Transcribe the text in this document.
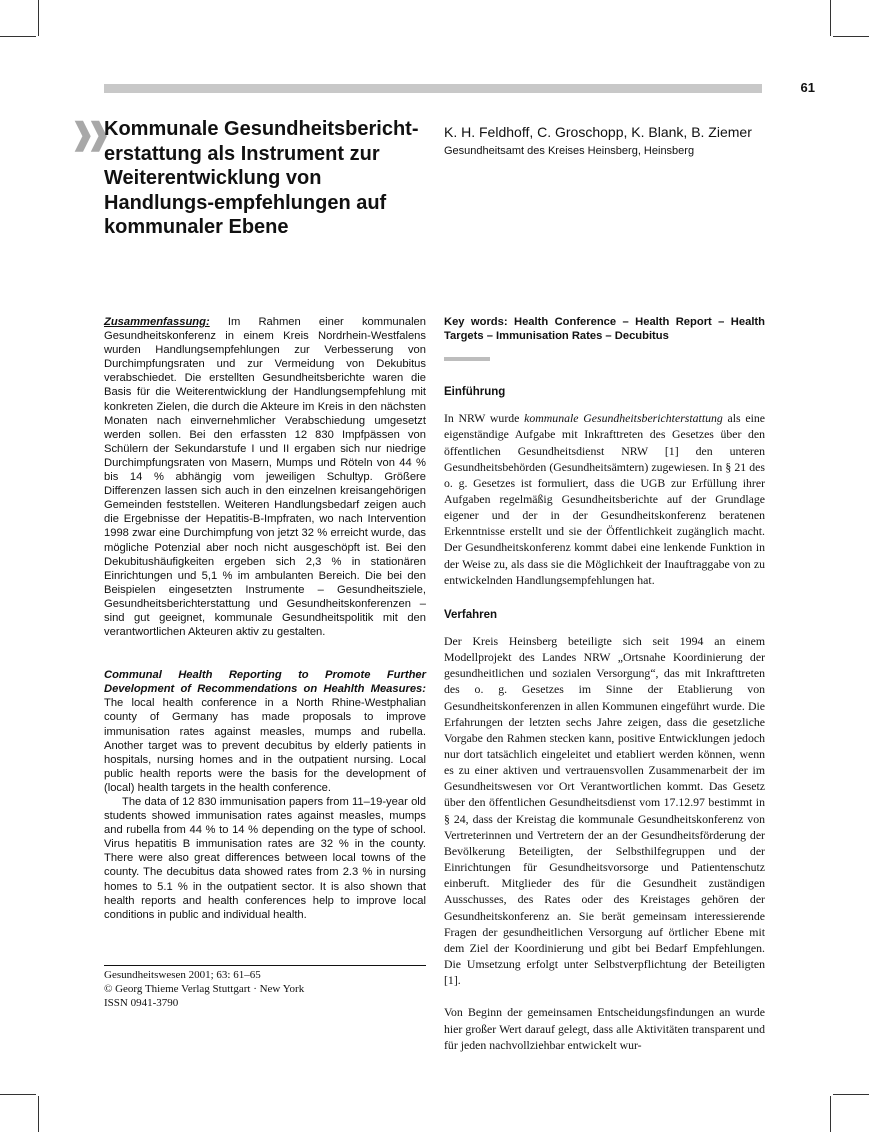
61
❱❱ Kommunale Gesundheitsbericht-erstattung als Instrument zur Weiterentwicklung von Handlungs-empfehlungen auf kommunaler Ebene
K. H. Feldhoff, C. Groschopp, K. Blank, B. Ziemer
Gesundheitsamt des Kreises Heinsberg, Heinsberg

Zusammenfassung: Im Rahmen einer kommunalen Gesundheitskonferenz in einem Kreis Nordrhein-Westfalens wurden Handlungsempfehlungen zur Verbesserung von Durchimpfungsraten und zur Vermeidung von Dekubitus verabschiedet. Die erstellten Gesundheitsberichte waren die Basis für die Weiterentwicklung der Handlungsempfehlung mit konkreten Zielen, die durch die Akteure im Kreis in den nächsten Monaten nach einvernehmlicher Verabschiedung umgesetzt werden sollen. Bei den erfassten 12 830 Impfpässen von Schülern der Sekundarstufe I und II ergaben sich nur niedrige Durchimpfungsraten von Masern, Mumps und Röteln von 44 % bis 14 % abhängig vom jeweiligen Schultyp. Größere Differenzen lassen sich auch in den einzelnen kreisangehörigen Gemeinden feststellen. Weiteren Handlungsbedarf zeigen auch die Ergebnisse der Hepatitis-B-Impfraten, wo nach Intervention 1998 zwar eine Durchimpfung von jetzt 32 % erreicht wurde, das mögliche Potenzial aber noch nicht ausgeschöpft ist. Bei den Dekubitushäufigkeiten ergeben sich 2,3 % in stationären Einrichtungen und 5,1 % im ambulanten Bereich. Die bei den Beispielen eingesetzten Instrumente – Gesundheitsziele, Gesundheitsberichterstattung und Gesundheitskonferenzen – sind gut geeignet, kommunale Gesundheitspolitik mit den verantwortlichen Akteuren aktiv zu gestalten.

Communal Health Reporting to Promote Further Development of Recommendations on Heahlth Measures: The local health conference in a North Rhine-Westphalian county of Germany has made proposals to improve immunisation rates against measles, mumps and rubella. Another target was to prevent decubitus by elderly patients in hospitals, nursing homes and in the outpatient nursing. Local public health reports were the basis for the development of (local) health targets in the health conference.

The data of 12 830 immunisation papers from 11–19-year old students showed immunisation rates against measles, mumps and rubella from 44 % to 14 % depending on the type of school. Virus hepatitis B immunisation rates are 32 % in the county. There were also great differences between local towns of the county. The decubitus data showed rates from 2.3 % in nursing homes to 5.1 % in the outpatient sector. It is also shown that health reports and health conferences help to improve local conditions in public and individual health.

Gesundheitswesen 2001; 63: 61–65
© Georg Thieme Verlag Stuttgart · New York
ISSN 0941-3790
Key words: Health Conference – Health Report – Health Targets – Immunisation Rates – Decubitus
Einführung

In NRW wurde kommunale Gesundheitsberichterstattung als eine eigenständige Aufgabe mit Inkrafttreten des Gesetzes über den öffentlichen Gesundheitsdienst NRW [1] den unteren Gesundheitsbehörden (Gesundheitsämtern) zugewiesen. In § 21 des o. g. Gesetzes ist formuliert, dass die UGB zur Erfüllung ihrer Aufgaben regelmäßig Gesundheitsberichte auf der Grundlage eigener und der in der Gesundheitskonferenz beratenen Erkenntnisse erstellt und sie der Öffentlichkeit zugänglich macht. Der Gesundheitskonferenz kommt dabei eine lenkende Funktion in der Weise zu, als dass sie die Möglichkeit der Inauftraggabe von zu entwickelnden Handlungsempfehlungen hat.

Verfahren

Der Kreis Heinsberg beteiligte sich seit 1994 an einem Modellprojekt des Landes NRW „Ortsnahe Koordinierung der gesundheitlichen und sozialen Versorgung“, das mit Inkrafttreten des o. g. Gesetzes im Sinne der Etablierung von Gesundheitskonferenzen in allen Kommunen eingeführt wurde. Die Erfahrungen der letzten sechs Jahre zeigen, dass die gesetzliche Vorgabe den Rahmen stecken kann, positive Entwicklungen jedoch nur dort tatsächlich eingeleitet und etabliert werden können, wenn es zu einer aktiven und vertrauensvollen Zusammenarbeit der im Gesundheitswesen vor Ort Verantwortlichen kommt. Das Gesetz über den öffentlichen Gesundheitsdienst vom 17.12.97 bestimmt in § 24, dass der Kreistag die kommunale Gesundheitskonferenz von Vertreterinnen und Vertretern der an der Gesundheitsförderung der Bevölkerung Beteiligten, der Selbsthilfegruppen und der Einrichtungen für Gesundheitsvorsorge und Patientenschutz einberuft. Mitglieder des für die Gesundheit zuständigen Ausschusses, des Rates oder des Kreistages gehören der Gesundheitskonferenz an. Sie berät gemeinsam interessierende Fragen der gesundheitlichen Versorgung auf örtlicher Ebene mit dem Ziel der Koordinierung und gibt bei Bedarf Empfehlungen. Die Umsetzung erfolgt unter Selbstverpflichtung der Beteiligten [1].

Von Beginn der gemeinsamen Entscheidungsfindungen an wurde hier großer Wert darauf gelegt, dass alle Aktivitäten transparent und für jeden nachvollziehbar entwickelt wur-
